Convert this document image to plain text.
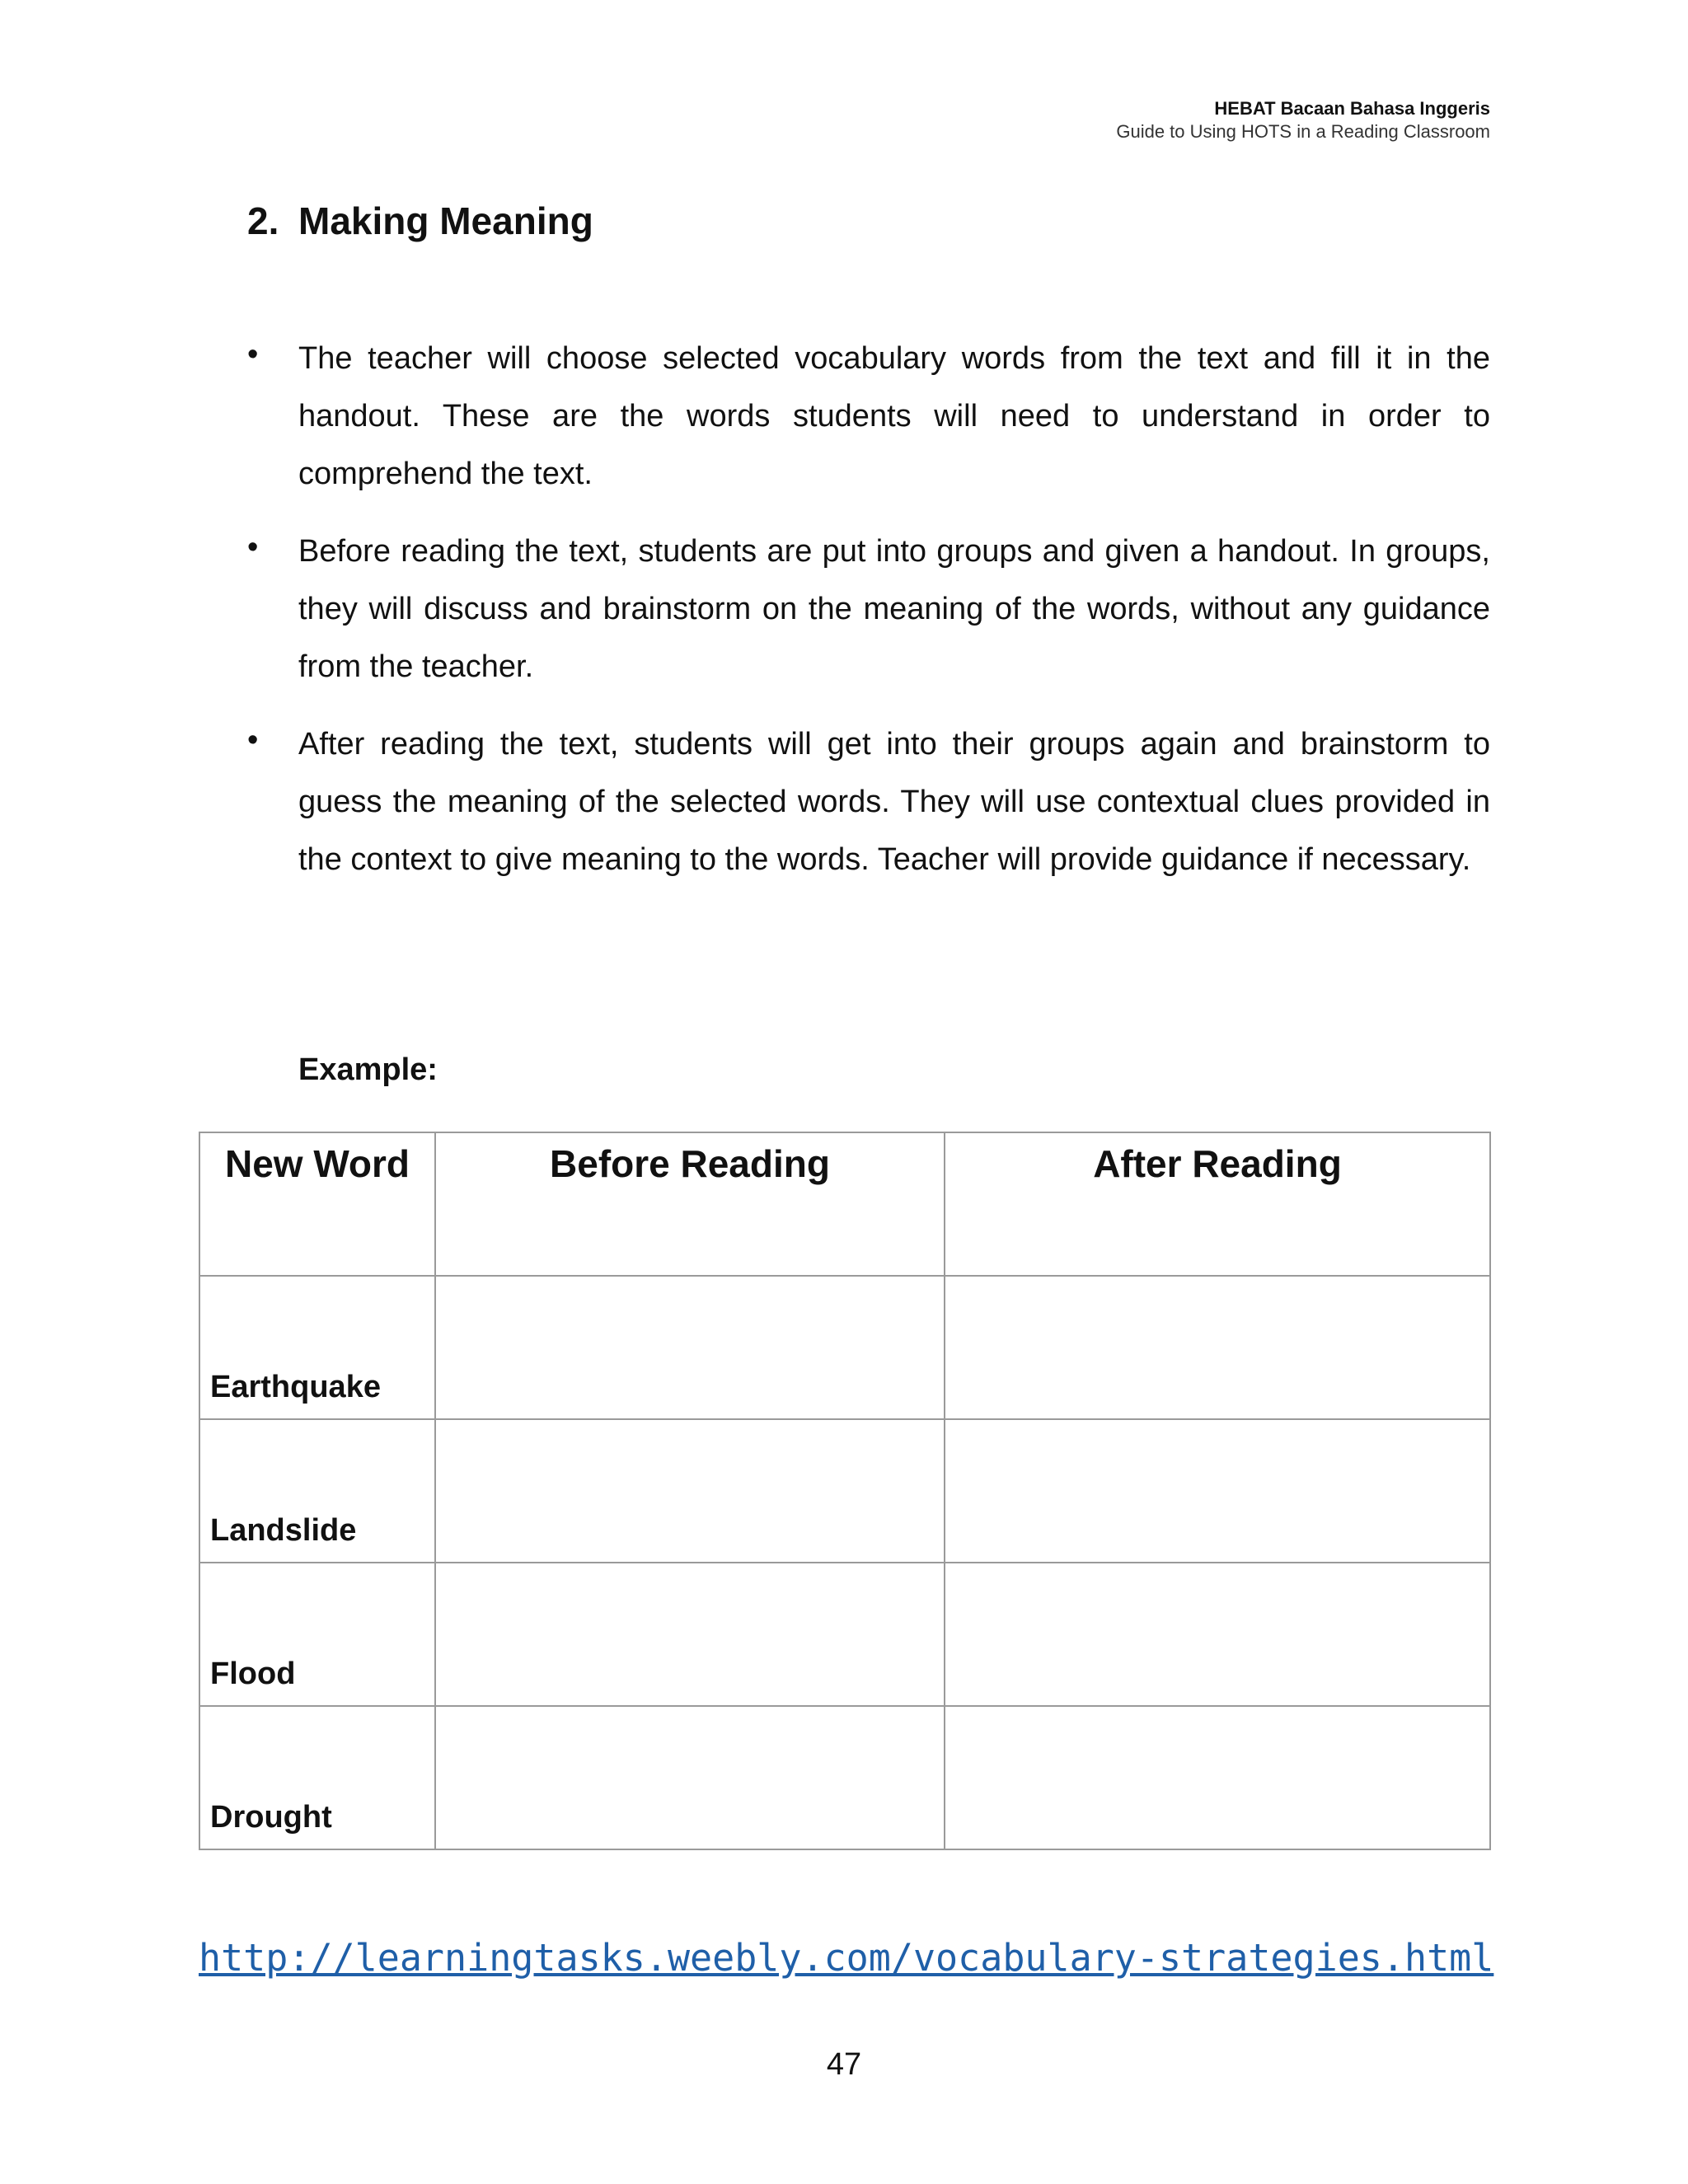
HEBAT Bacaan Bahasa Inggeris
Guide to Using HOTS in a Reading Classroom
2. Making Meaning
• The teacher will choose selected vocabulary words from the text and fill it in the handout. These are the words students will need to understand in order to comprehend the text.
• Before reading the text, students are put into groups and given a handout. In groups, they will discuss and brainstorm on the meaning of the words, without any guidance from the teacher.
• After reading the text, students will get into their groups again and brainstorm to guess the meaning of the selected words. They will use contextual clues provided in the context to give meaning to the words. Teacher will provide guidance if necessary.
Example:
New Word	Before Reading	After Reading
Earthquake		
Landslide		
Flood		
Drought		
http://learningtasks.weebly.com/vocabulary-strategies.html
47
